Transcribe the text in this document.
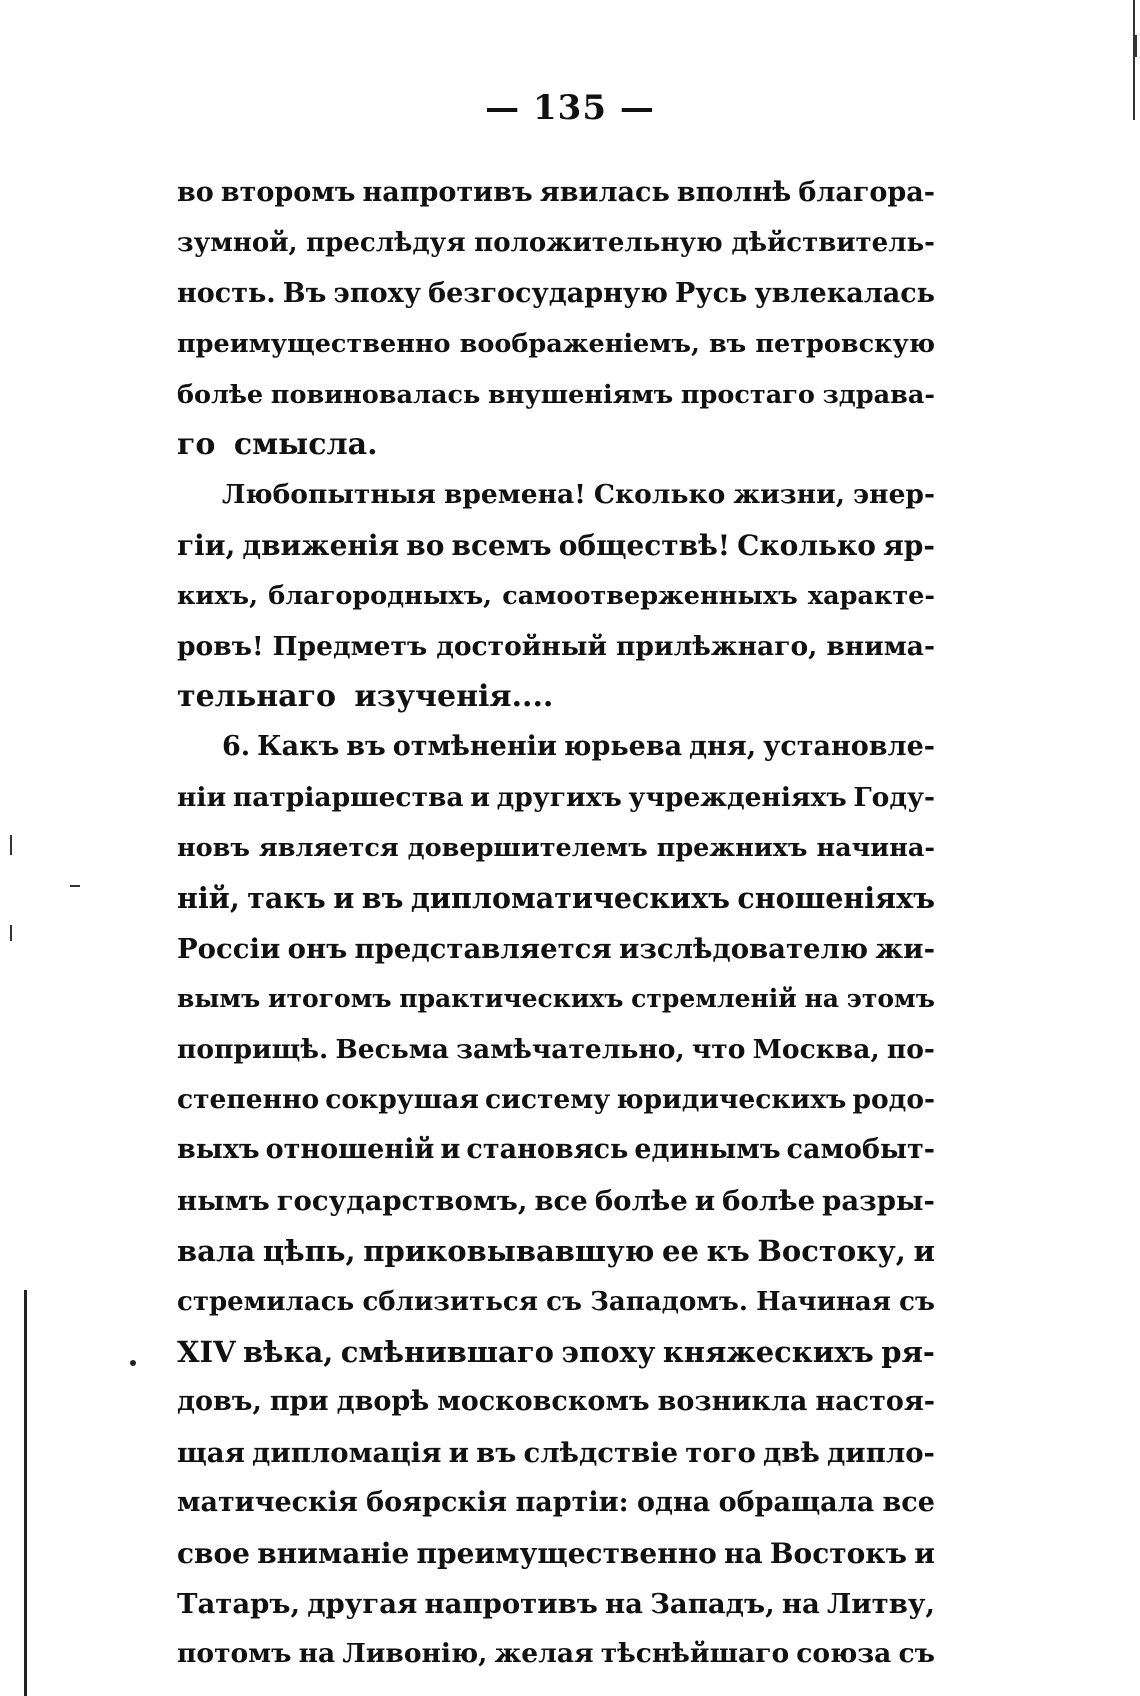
— 135 —
во второмъ напротивъ явилась вполнѣ благора-
зумной, преслѣдуя положительную дѣйствитель-
ность. Въ эпоху безгосударную Русь увлекалась
преимущественно воображеніемъ, въ петровскую
болѣе повиновалась внушеніямъ простаго здрава-
го смысла.
Любопытныя времена! Сколько жизни, энер-
гіи, движенія во всемъ обществѣ! Сколько яр-
кихъ, благородныхъ, самоотверженныхъ характе-
ровъ! Предметъ достойный прилѣжнаго, внима-
тельнаго изученія....
6. Какъ въ отмѣненіи юрьева дня, установле-
ніи патріаршества и другихъ учрежденіяхъ Году-
новъ является довершителемъ прежнихъ начина-
ній, такъ и въ дипломатическихъ сношеніяхъ
Россіи онъ представляется изслѣдователю жи-
вымъ итогомъ практическихъ стремленій на этомъ
поприщѣ. Весьма замѣчательно, что Москва, по-
степенно сокрушая систему юридическихъ родо-
выхъ отношеній и становясь единымъ самобыт-
нымъ государствомъ, все болѣе и болѣе разры-
вала цѣпь, приковывавшую ее къ Востоку, и
стремилась сблизиться съ Западомъ. Начиная съ
XIV вѣка, смѣнившаго эпоху княжескихъ ря-
довъ, при дворѣ московскомъ возникла настоя-
щая дипломація и въ слѣдствіе того двѣ дипло-
матическія боярскія партіи: одна обращала все
свое вниманіе преимущественно на Востокъ и
Татаръ, другая напротивъ на Западъ, на Литву,
потомъ на Ливонію, желая тѣснѣйшаго союза съ
